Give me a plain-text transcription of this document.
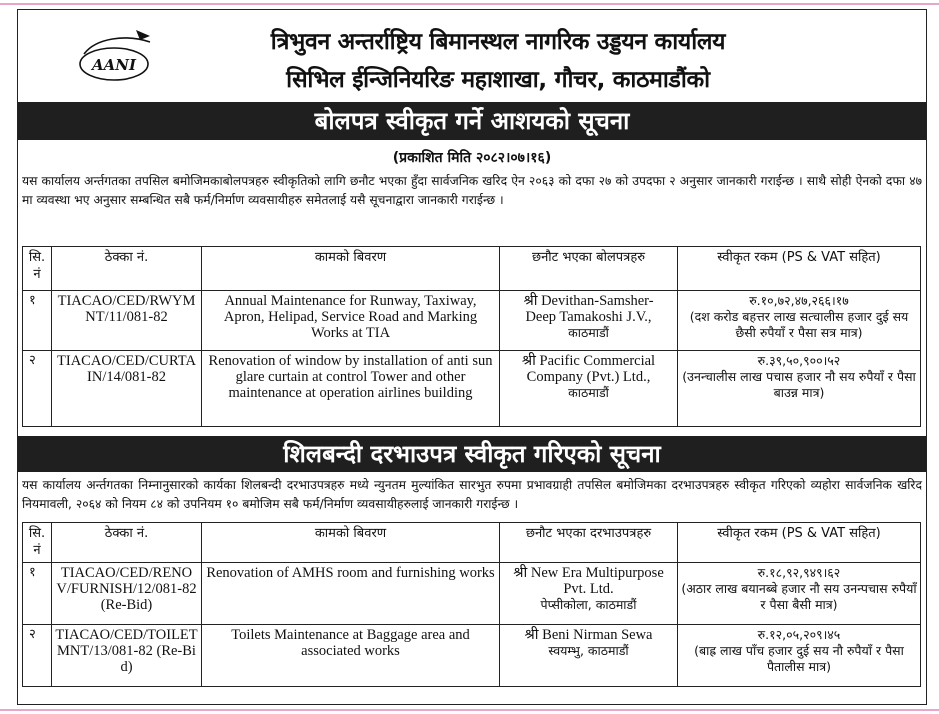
AANI
त्रिभुवन अन्तर्राष्ट्रिय बिमानस्थल नागरिक उड्डयन कार्यालय
सिभिल ईन्जिनियरिङ महाशाखा, गौचर, काठमाडौंको
बोलपत्र स्वीकृत गर्ने आशयको सूचना
(प्रकाशित मिति २०८२।०७।१६)
यस कार्यालय अर्न्तगतका तपसिल बमोजिमकाबोलपत्रहरु स्वीकृतिको लागि छनौट भएका हुँदा सार्वजनिक खरिद ऐन २०६३ को दफा २७ को उपदफा २ अनुसार जानकारी गराईन्छ । साथै सोही ऐनको दफा ४७ मा व्यवस्था भए अनुसार सम्बन्धित सबै फर्म/निर्माण व्यवसायीहरु समेतलाई यसै सूचनाद्वारा जानकारी गराईन्छ ।
सि. नं	ठेक्का नं.	कामको बिवरण	छनौट भएका बोलपत्रहरु	स्वीकृत रकम (PS & VAT सहित)
१	TIACAO/CED/RWYMNT/11/081-82	Annual Maintenance for Runway, Taxiway, Apron, Helipad, Service Road and Marking Works at TIA	श्री Devithan-Samsher-
Deep Tamakoshi J.V.,
काठमाडौं	रु.१०,७२,४७,२६६।१७
(दश करोड बहत्तर लाख सत्चालीस हजार दुई सय छैसी रुपैयाँ र पैसा सत्र मात्र)

२	TIACAO/CED/CURTAIN/14/081-82	Renovation of window by installation of anti sun glare curtain at control Tower and other maintenance at operation airlines building	श्री Pacific Commercial
Company (Pvt.) Ltd.,
काठमाडौं	रु.३९,५०,९००।५२
(उनन्चालीस लाख पचास हजार नौ सय रुपैयाँ र पैसा बाउन्न मात्र)
शिलबन्दी दरभाउपत्र स्वीकृत गरिएको सूचना
यस कार्यालय अर्न्तगतका निम्नानुसारको कार्यका शिलबन्दी दरभाउपत्रहरु मध्ये न्युनतम मुल्यांकित सारभुत रुपमा प्रभावग्राही तपसिल बमोजिमका दरभाउपत्रहरु स्वीकृत गरिएको व्यहोरा सार्वजनिक खरिद नियमावली, २०६४ को नियम ८४ को उपनियम १० बमोजिम सबै फर्म/निर्माण व्यवसायीहरुलाई जानकारी गराईन्छ ।
सि. नं	ठेक्का नं.	कामको बिवरण	छनौट भएका दरभाउपत्रहरु	स्वीकृत रकम (PS & VAT सहित)
१	TIACAO/CED/RENOV/FURNISH/12/081-82 (Re-Bid)	Renovation of AMHS room and furnishing works	श्री New Era Multipurpose
Pvt. Ltd.
पेप्सीकोला, काठमाडौं	रु.१८,९२,९४९।६२
(अठार लाख बयानब्बे हजार नौ सय उनन्पचास रुपैयाँ र पैसा बैसी मात्र)

२	TIACAO/CED/TOILETMNT/13/081-82 (Re-Bid)	Toilets Maintenance at Baggage area and associated works	श्री Beni Nirman Sewa
स्वयम्भु, काठमाडौं	रु.१२,०५,२०९।४५
(बाह्र लाख पाँच हजार दुई सय नौ रुपैयाँ र पैसा पैतालीस मात्र)
